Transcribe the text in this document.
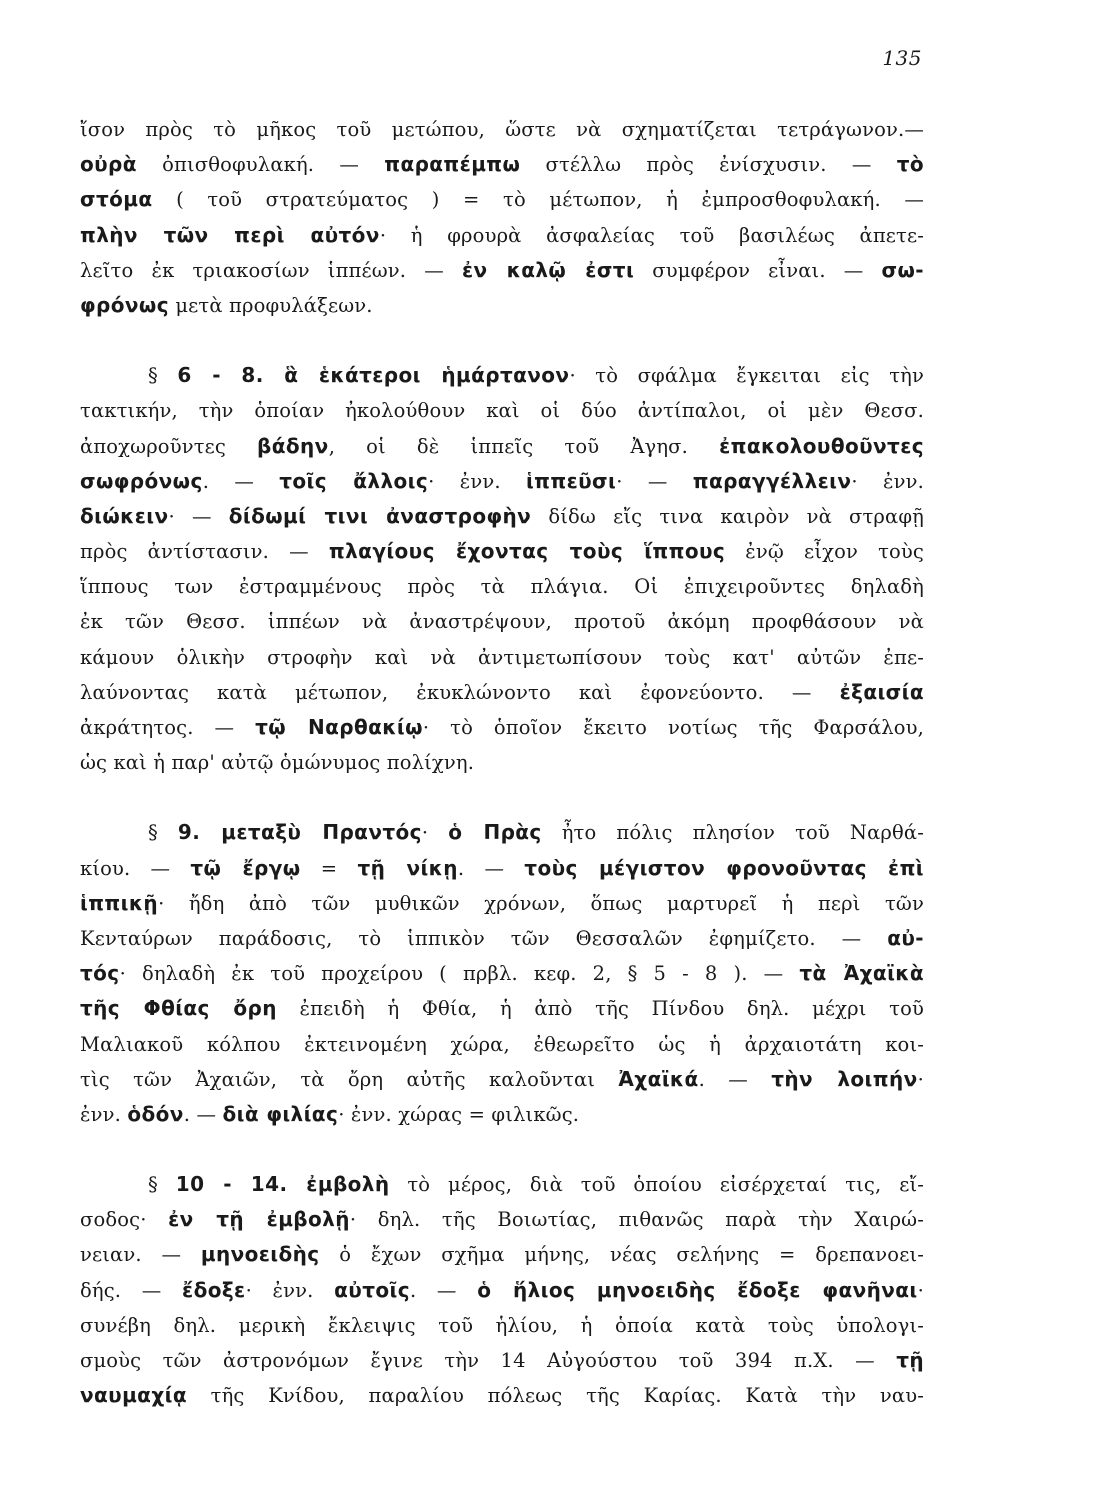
135
ἴσον πρὸς τὸ μῆκος τοῦ μετώπου, ὥστε νὰ σχηματίζεται τετράγωνον.—
οὐρὰ ὀπισθοφυλακή. — παραπέμπω στέλλω πρὸς ἐνίσχυσιν. — τὸ
στόμα ( τοῦ στρατεύματος ) = τὸ μέτωπον, ἡ ἐμπροσθοφυλακή. —
πλὴν τῶν περὶ αὐτόν· ἡ φρουρὰ ἀσφαλείας τοῦ βασιλέως ἀπετε-
λεῖτο ἐκ τριακοσίων ἱππέων. — ἐν καλῷ ἐστι συμφέρον εἶναι. — σω-
φρόνως μετὰ προφυλάξεων.
§ 6 - 8. ἃ ἑκάτεροι ἡμάρτανον· τὸ σφάλμα ἔγκειται εἰς τὴν
τακτικήν, τὴν ὁποίαν ἠκολούθουν καὶ οἱ δύο ἀντίπαλοι, οἱ μὲν Θεσσ.
ἀποχωροῦντες βάδην, οἱ δὲ ἱππεῖς τοῦ Ἀγησ. ἐπακολουθοῦντες
σωφρόνως. — τοῖς ἄλλοις· ἐνν. ἱππεῦσι· — παραγγέλλειν· ἐνν.
διώκειν· — δίδωμί τινι ἀναστροφὴν δίδω εἴς τινα καιρὸν νὰ στραφῇ
πρὸς ἀντίστασιν. — πλαγίους ἔχοντας τοὺς ἵππους ἐνῷ εἶχον τοὺς
ἵππους των ἐστραμμένους πρὸς τὰ πλάγια. Οἱ ἐπιχειροῦντες δηλαδὴ
ἐκ τῶν Θεσσ. ἱππέων νὰ ἀναστρέψουν, προτοῦ ἀκόμη προφθάσουν νὰ
κάμουν ὁλικὴν στροφὴν καὶ νὰ ἀντιμετωπίσουν τοὺς κατ' αὐτῶν ἐπε-
λαύνοντας κατὰ μέτωπον, ἐκυκλώνοντο καὶ ἐφονεύοντο. — ἐξαισία
ἀκράτητος. — τῷ Ναρθακίῳ· τὸ ὁποῖον ἔκειτο νοτίως τῆς Φαρσάλου,
ὡς καὶ ἡ παρ' αὐτῷ ὁμώνυμος πολίχνη.
§ 9. μεταξὺ Πραντός· ὁ Πρὰς ἦτο πόλις πλησίον τοῦ Ναρθά-
κίου. — τῷ ἔργῳ = τῇ νίκῃ. — τοὺς μέγιστον φρονοῦντας ἐπὶ
ἱππικῇ· ἤδη ἀπὸ τῶν μυθικῶν χρόνων, ὅπως μαρτυρεῖ ἡ περὶ τῶν
Κενταύρων παράδοσις, τὸ ἱππικὸν τῶν Θεσσαλῶν ἐφημίζετο. — αὐ-
τός· δηλαδὴ ἐκ τοῦ προχείρου ( πρβλ. κεφ. 2, § 5 - 8 ). — τὰ Ἀχαϊκὰ
τῆς Φθίας ὄρη ἐπειδὴ ἡ Φθία, ἡ ἀπὸ τῆς Πίνδου δηλ. μέχρι τοῦ
Μαλιακοῦ κόλπου ἐκτεινομένη χώρα, ἐθεωρεῖτο ὡς ἡ ἀρχαιοτάτη κοι-
τὶς τῶν Ἀχαιῶν, τὰ ὄρη αὐτῆς καλοῦνται Ἀχαϊκά. — τὴν λοιπήν·
ἐνν. ὁδόν. — διὰ φιλίας· ἐνν. χώρας = φιλικῶς.
§ 10 - 14. ἐμβολὴ τὸ μέρος, διὰ τοῦ ὁποίου εἰσέρχεταί τις, εἴ-
σοδος· ἐν τῇ ἐμβολῇ· δηλ. τῆς Βοιωτίας, πιθανῶς παρὰ τὴν Χαιρώ-
νειαν. — μηνοειδὴς ὁ ἔχων σχῆμα μήνης, νέας σελήνης = δρεπανοει-
δής. — ἔδοξε· ἐνν. αὐτοῖς. — ὁ ἥλιος μηνοειδὴς ἔδοξε φανῆναι·
συνέβη δηλ. μερικὴ ἔκλειψις τοῦ ἡλίου, ἡ ὁποία κατὰ τοὺς ὑπολογι-
σμοὺς τῶν ἀστρονόμων ἔγινε τὴν 14 Αὐγούστου τοῦ 394 π.Χ. — τῇ
ναυμαχίᾳ τῆς Κνίδου, παραλίου πόλεως τῆς Καρίας. Κατὰ τὴν ναυ-
